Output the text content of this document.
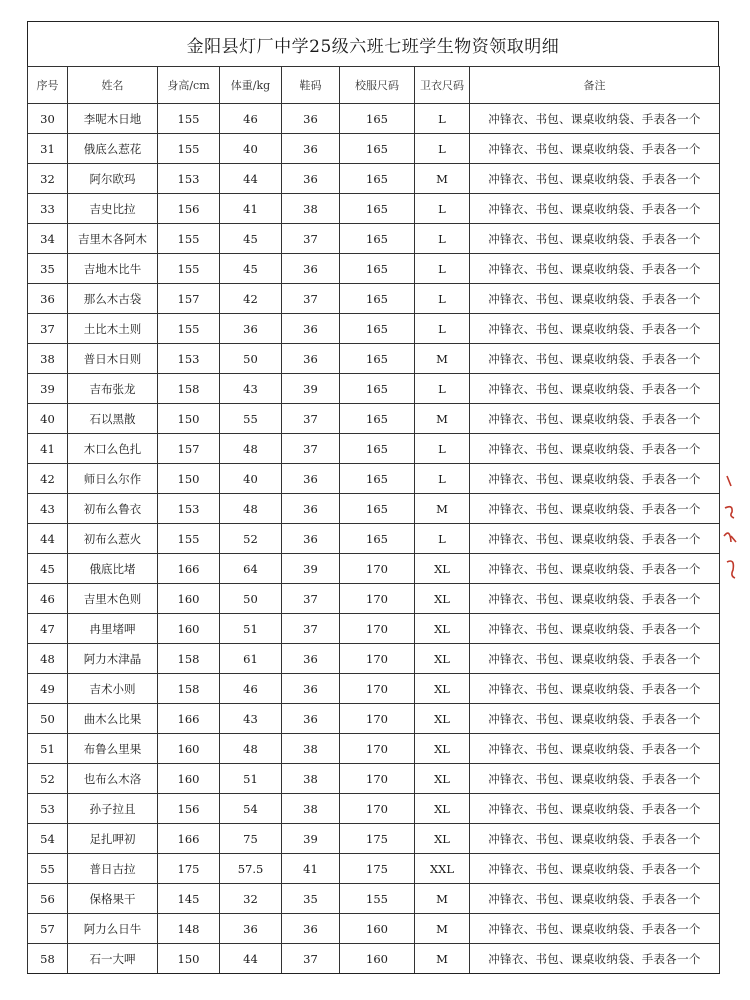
金阳县灯厂中学25级六班七班学生物资领取明细
序号	姓名	身高/cm	体重/kg	鞋码	校服尺码	卫衣尺码	备注
30	李呢木日地	155	46	36	165	L	冲锋衣、书包、课桌收纳袋、手表各一个
31	俄底么惹花	155	40	36	165	L	冲锋衣、书包、课桌收纳袋、手表各一个
32	阿尔欧玛	153	44	36	165	M	冲锋衣、书包、课桌收纳袋、手表各一个
33	吉史比拉	156	41	38	165	L	冲锋衣、书包、课桌收纳袋、手表各一个
34	吉里木各阿木	155	45	37	165	L	冲锋衣、书包、课桌收纳袋、手表各一个
35	吉地木比牛	155	45	36	165	L	冲锋衣、书包、课桌收纳袋、手表各一个
36	那么木古袋	157	42	37	165	L	冲锋衣、书包、课桌收纳袋、手表各一个
37	土比木土则	155	36	36	165	L	冲锋衣、书包、课桌收纳袋、手表各一个
38	普日木日则	153	50	36	165	M	冲锋衣、书包、课桌收纳袋、手表各一个
39	吉布张龙	158	43	39	165	L	冲锋衣、书包、课桌收纳袋、手表各一个
40	石以黑散	150	55	37	165	M	冲锋衣、书包、课桌收纳袋、手表各一个
41	木口么色扎	157	48	37	165	L	冲锋衣、书包、课桌收纳袋、手表各一个
42	师日么尔作	150	40	36	165	L	冲锋衣、书包、课桌收纳袋、手表各一个
43	初布么鲁衣	153	48	36	165	M	冲锋衣、书包、课桌收纳袋、手表各一个
44	初布么惹火	155	52	36	165	L	冲锋衣、书包、课桌收纳袋、手表各一个
45	俄底比堵	166	64	39	170	XL	冲锋衣、书包、课桌收纳袋、手表各一个
46	吉里木色则	160	50	37	170	XL	冲锋衣、书包、课桌收纳袋、手表各一个
47	冉里堵呷	160	51	37	170	XL	冲锋衣、书包、课桌收纳袋、手表各一个
48	阿力木津晶	158	61	36	170	XL	冲锋衣、书包、课桌收纳袋、手表各一个
49	吉术小则	158	46	36	170	XL	冲锋衣、书包、课桌收纳袋、手表各一个
50	曲木么比果	166	43	36	170	XL	冲锋衣、书包、课桌收纳袋、手表各一个
51	布鲁么里果	160	48	38	170	XL	冲锋衣、书包、课桌收纳袋、手表各一个
52	也布么木洛	160	51	38	170	XL	冲锋衣、书包、课桌收纳袋、手表各一个
53	孙子拉且	156	54	38	170	XL	冲锋衣、书包、课桌收纳袋、手表各一个
54	足扎呷初	166	75	39	175	XL	冲锋衣、书包、课桌收纳袋、手表各一个
55	普日古拉	175	57.5	41	175	XXL	冲锋衣、书包、课桌收纳袋、手表各一个
56	保格果干	145	32	35	155	M	冲锋衣、书包、课桌收纳袋、手表各一个
57	阿力么日牛	148	36	36	160	M	冲锋衣、书包、课桌收纳袋、手表各一个
58	石一大呷	150	44	37	160	M	冲锋衣、书包、课桌收纳袋、手表各一个
